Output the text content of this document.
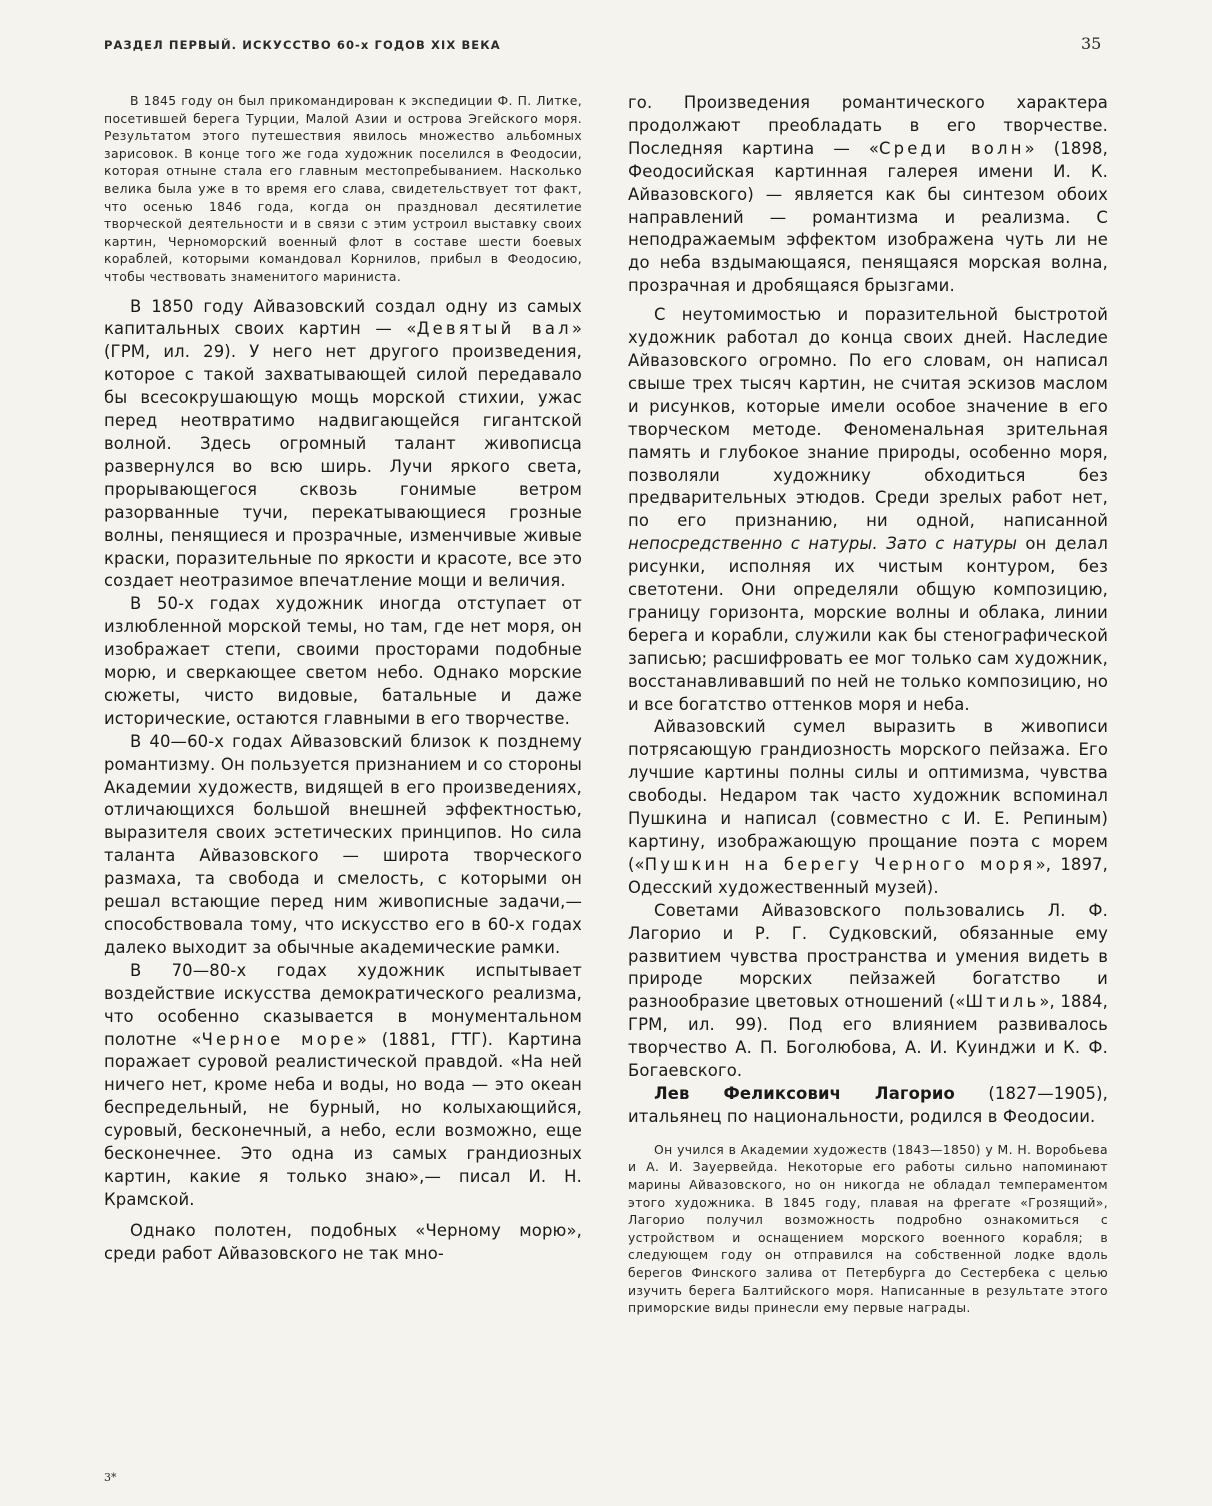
РАЗДЕЛ ПЕРВЫЙ. ИСКУССТВО 60-х ГОДОВ XIX ВЕКА	35

В 1845 году он был прикомандирован к экспедиции Ф. П. Литке, посетившей берега Турции, Малой Азии и острова Эгейского моря. Результатом этого путешествия явилось множество альбомных зарисовок. В конце того же года художник поселился в Феодосии, которая отныне стала его главным местопребыванием. Насколько велика была уже в то время его слава, свидетельствует тот факт, что осенью 1846 года, когда он праздновал десятилетие творческой деятельности и в связи с этим устроил выставку своих картин, Черноморский военный флот в составе шести боевых кораблей, которыми командовал Корнилов, прибыл в Феодосию, чтобы чествовать знаменитого мариниста.

В 1850 году Айвазовский создал одну из самых капитальных своих картин — «Девятый вал» (ГРМ, ил. 29). У него нет другого произведения, которое с такой захватывающей силой передавало бы всесокрушающую мощь морской стихии, ужас перед неотвратимо надвигающейся гигантской волной. Здесь огромный талант живописца развернулся во всю ширь. Лучи яркого света, прорывающегося сквозь гонимые ветром разорванные тучи, перекатывающиеся грозные волны, пенящиеся и прозрачные, изменчивые живые краски, поразительные по яркости и красоте, все это создает неотразимое впечатление мощи и величия.

В 50-х годах художник иногда отступает от излюбленной морской темы, но там, где нет моря, он изображает степи, своими просторами подобные морю, и сверкающее светом небо. Однако морские сюжеты, чисто видовые, батальные и даже исторические, остаются главными в его творчестве.

В 40—60-х годах Айвазовский близок к позднему романтизму. Он пользуется признанием и со стороны Академии художеств, видящей в его произведениях, отличающихся большой внешней эффектностью, выразителя своих эстетических принципов. Но сила таланта Айвазовского — широта творческого размаха, та свобода и смелость, с которыми он решал встающие перед ним живописные задачи,— способствовала тому, что искусство его в 60-х годах далеко выходит за обычные академические рамки.

В 70—80-х годах художник испытывает воздействие искусства демократического реализма, что особенно сказывается в монументальном полотне «Черное море» (1881, ГТГ). Картина поражает суровой реалистической правдой. «На ней ничего нет, кроме неба и воды, но вода — это океан беспредельный, не бурный, но колыхающийся, суровый, бесконечный, а небо, если возможно, еще бесконечнее. Это одна из самых грандиозных картин, какие я только знаю»,— писал И. Н. Крамской.

Однако полотен, подобных «Черному морю», среди работ Айвазовского не так мно-

го. Произведения романтического характера продолжают преобладать в его творчестве. Последняя картина — «Среди волн» (1898, Феодосийская картинная галерея имени И. К. Айвазовского) — является как бы синтезом обоих направлений — романтизма и реализма. С неподражаемым эффектом изображена чуть ли не до неба вздымающаяся, пенящаяся морская волна, прозрачная и дробящаяся брызгами.

С неутомимостью и поразительной быстротой художник работал до конца своих дней. Наследие Айвазовского огромно. По его словам, он написал свыше трех тысяч картин, не считая эскизов маслом и рисунков, которые имели особое значение в его творческом методе. Феноменальная зрительная память и глубокое знание природы, особенно моря, позволяли художнику обходиться без предварительных этюдов. Среди зрелых работ нет, по его признанию, ни одной, написанной непосредственно с натуры. Зато с натуры он делал рисунки, исполняя их чистым контуром, без светотени. Они определяли общую композицию, границу горизонта, морские волны и облака, линии берега и корабли, служили как бы стенографической записью; расшифровать ее мог только сам художник, восстанавливавший по ней не только композицию, но и все богатство оттенков моря и неба.

Айвазовский сумел выразить в живописи потрясающую грандиозность морского пейзажа. Его лучшие картины полны силы и оптимизма, чувства свободы. Недаром так часто художник вспоминал Пушкина и написал (совместно с И. Е. Репиным) картину, изображающую прощание поэта с морем («Пушкин на берегу Черного моря», 1897, Одесский художественный музей).

Советами Айвазовского пользовались Л. Ф. Лагорио и Р. Г. Судковский, обязанные ему развитием чувства пространства и умения видеть в природе морских пейзажей богатство и разнообразие цветовых отношений («Штиль», 1884, ГРМ, ил. 99). Под его влиянием развивалось творчество А. П. Боголюбова, А. И. Куинджи и К. Ф. Богаевского.

Лев Феликсович Лагорио (1827—1905), итальянец по национальности, родился в Феодосии.

Он учился в Академии художеств (1843—1850) у М. Н. Воробьева и А. И. Зауервейда. Некоторые его работы сильно напоминают марины Айвазовского, но он никогда не обладал темпераментом этого художника. В 1845 году, плавая на фрегате «Грозящий», Лагорио получил возможность подробно ознакомиться с устройством и оснащением морского военного корабля; в следующем году он отправился на собственной лодке вдоль берегов Финского залива от Петербурга до Сестербека с целью изучить берега Балтийского моря. Написанные в результате этого приморские виды принесли ему первые награды.

3*
